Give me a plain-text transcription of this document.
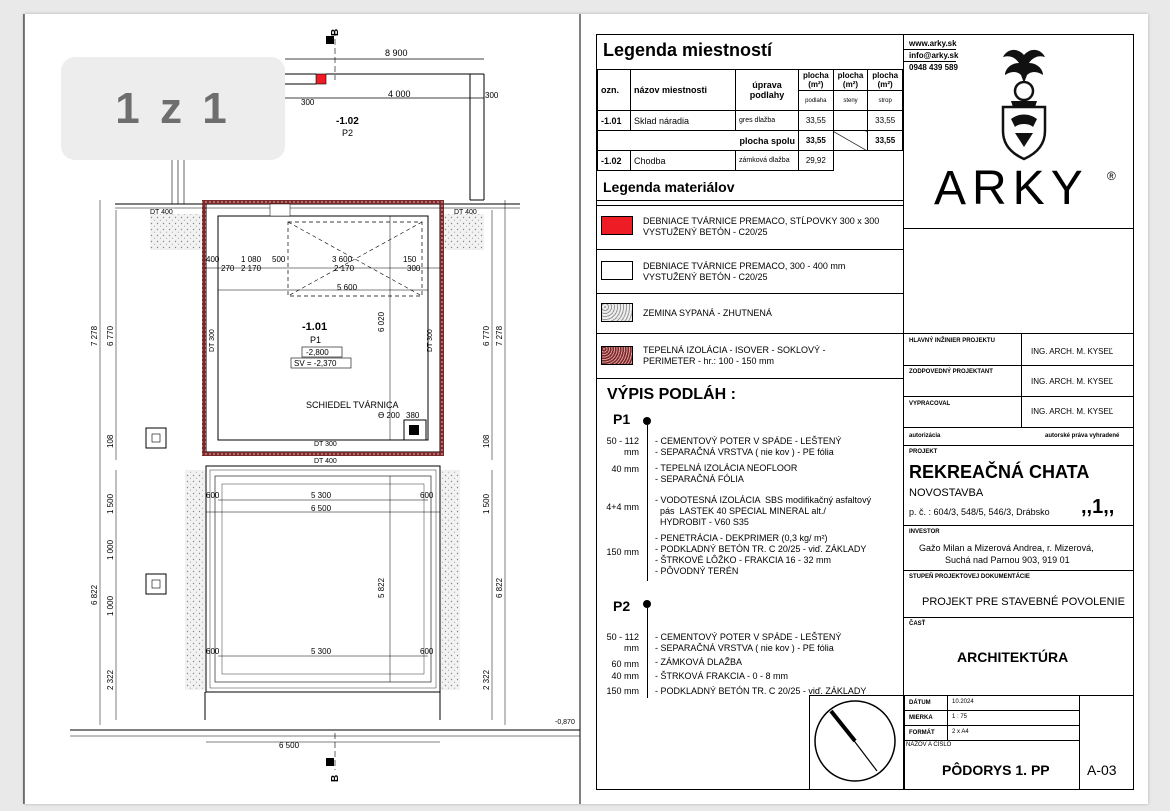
B
B
8 900
4 000
300
300
-1.02
P2
-1.01
P1
-2,800
SV = -2,370
DT 400	DT 400
DT 300
DT 400
DT 300	DT 300
1 080 500	3 600	150
400
270 2 170	2 170	300
5 600
6 020
7 278 6 770	6 770 7 278
5 300
6 500
5 822
6 822	6 822
5 300
600	600
600	600
6 500
1 500
1 000
1 000
2 322	2 322
1 500
108	108
SCHIEDEL TVÁRNICA
Ө 200 380
-0,870
1 z 1
Legenda miestností
ozn.	názov miestnosti	úprava podlahy	plocha (m²)	plocha (m²)	plocha (m²)
			podlaha	steny	strop
-1.01	Sklad náradia	gres dlažba	33,55		33,55
plocha spolu			33,55		33,55
-1.02	Chodba	zámková dlažba	29,92		
Legenda materiálov
DEBNIACE TVÁRNICE PREMACO, STĹPOVKY 300 x 300
VYSTUŽENÝ BETÓN - C20/25
DEBNIACE TVÁRNICE PREMACO, 300 - 400 mm
VYSTUŽENÝ BETÓN - C20/25
ZEMINA SYPANÁ - ZHUTNENÁ
TEPELNÁ IZOLÁCIA - ISOVER - SOKLOVÝ -
PERIMETER - hr.: 100 - 150 mm
VÝPIS PODLÁH :
P1
50 - 112 mm
- CEMENTOVÝ POTER V SPÁDE - LEŠTENÝ
- SEPARAČNÁ VRSTVA ( nie kov ) - PE fólia
40 mm - TEPELNÁ IZOLÁCIA NEOFLOOR
- SEPARAČNÁ FÓLIA
4+4 mm
- VODOTESNÁ IZOLÁCIA  SBS modifikačný asfaltový
pás  LASTEK 40 SPECIAL MINERAL alt./
HYDROBIT - V60 S35
150 mm
- PENETRÁCIA - DEKPRIMER (0,3 kg/ m²)
- PODKLADNÝ BETÓN TR. C 20/25 - viď. ZÁKLADY
- ŠTRKOVÉ LÔŽKO - FRAKCIA 16 - 32 mm
- PÔVODNÝ TERÉN
P2
50 - 112 mm
- CEMENTOVÝ POTER V SPÁDE - LEŠTENÝ
- SEPARAČNÁ VRSTVA ( nie kov ) - PE fólia
60 mm - ZÁMKOVÁ DLAŽBA
40 mm - ŠTRKOVÁ FRAKCIA - 0 - 8 mm
150 mm - PODKLADNÝ BETÓN TR. C 20/25 - viď. ZÁKLADY
www.arky.sk
info@arky.sk
0948 439 589
ARKY ®
HLAVNÝ INŽINIER PROJEKTU
ING. ARCH. M. KYSEĽ
ZODPOVEDNÝ PROJEKTANT
ING. ARCH. M. KYSEĽ
VYPRACOVAL
ING. ARCH. M. KYSEĽ
autorizácia	autorské práva vyhradené
PROJEKT
REKREAČNÁ CHATA
NOVOSTAVBA
p. č. : 604/3, 548/5, 546/3, Drábsko ,,1,,
INVESTOR
Gažo Milan a Mizerová Andrea, r. Mizerová,
Suchá nad Parnou 903, 919 01
STUPEŇ PROJEKTOVEJ DOKUMENTÁCIE
PROJEKT PRE STAVEBNÉ POVOLENIE
ČASŤ
ARCHITEKTÚRA
DÁTUM	10.2024
MIERKA	1 : 75
FORMÁT	2 x A4
NÁZOV A ČÍSLO
PÔDORYS 1. PP	A-03
